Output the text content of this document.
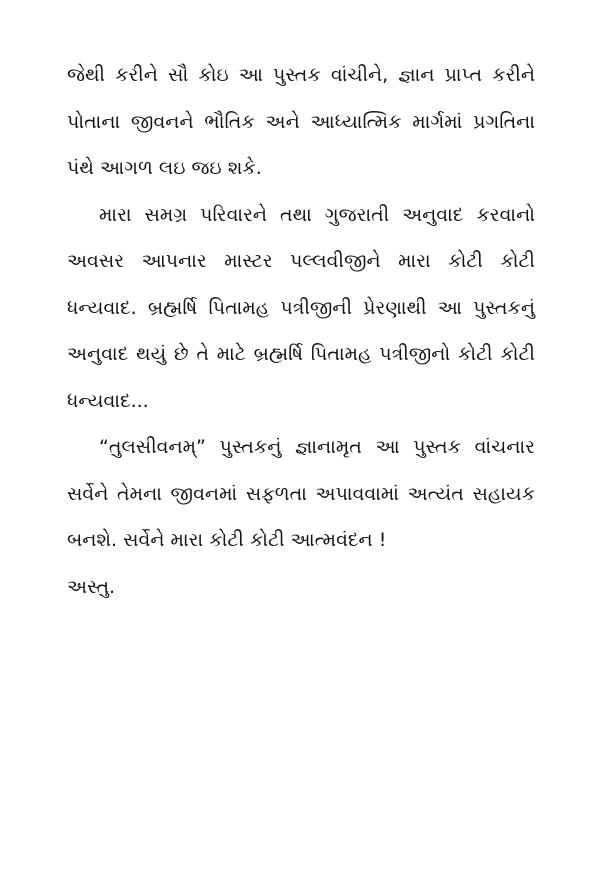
જેથી કરીને સૌ કોઇ આ પુસ્તક વાંચીને, જ્ઞાન પ્રાપ્ત કરીને પોતાના જીવનને ભૌતિક અને આધ્યાત્મિક માર્ગમાં પ્રગતિના પંથે આગળ લઇ જઇ શકે.

મારા સમગ્ર પરિવારને તથા ગુજરાતી અનુવાદ કરવાનો અવસર આપનાર માસ્ટર પલ્લવીજીને મારા કોટી કોટી ધન્યવાદ. બ્રહ્મર્ષિ પિતામહ પત્રીજીની પ્રેરણાથી આ પુસ્તકનું અનુવાદ થયું છે તે માટે બ્રહ્મર્ષિ પિતામહ પત્રીજીનો કોટી કોટી ધન્યવાદ...

“તુલસીવનમ્” પુસ્તકનું જ્ઞાનામૃત આ પુસ્તક વાંચનાર સર્વેને તેમના જીવનમાં સફળતા અપાવવામાં અત્યંત સહાયક બનશે. સર્વેને મારા કોટી કોટી આત્મવંદન !

અસ્તુ.
